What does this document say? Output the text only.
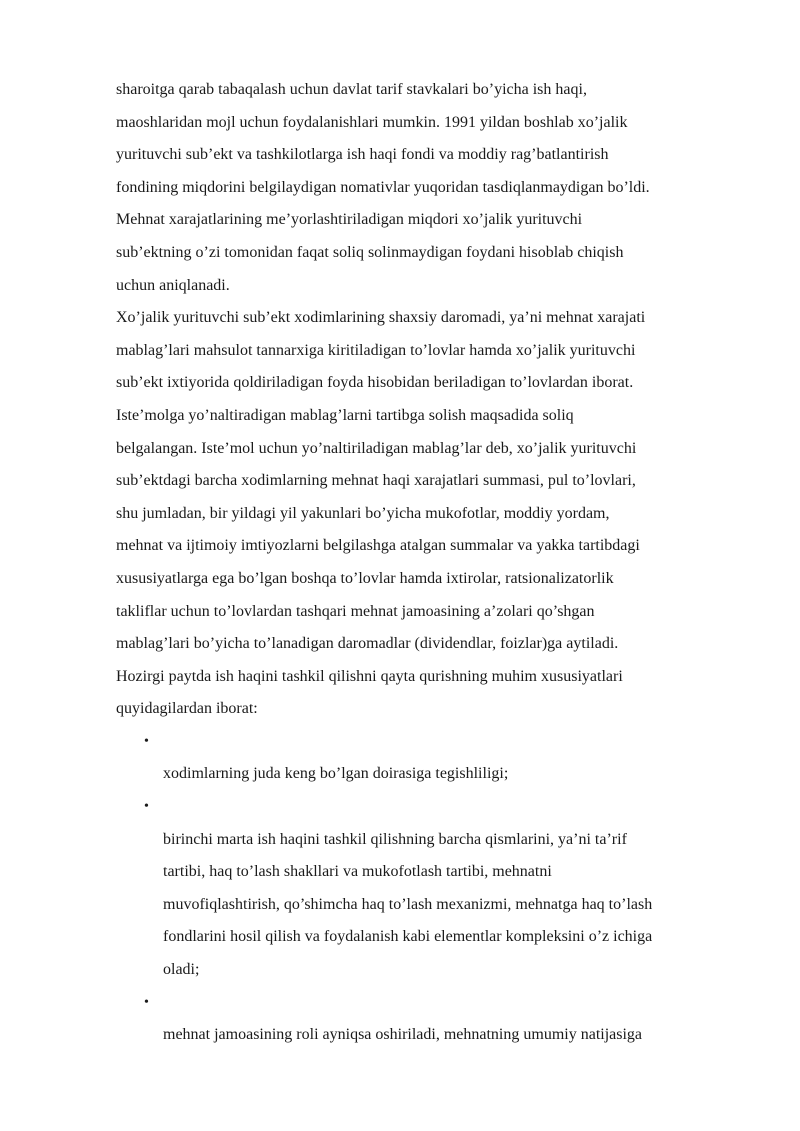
sharoitga qarab tabaqalash uchun davlat tarif stavkalari bo’yicha ish haqi,
maoshlaridan mojl uchun foydalanishlari mumkin. 1991 yildan boshlab xo’jalik
yurituvchi sub’ekt va tashkilotlarga ish haqi fondi va moddiy rag’batlantirish
fondining miqdorini belgilaydigan nomativlar yuqoridan tasdiqlanmaydigan bo’ldi.
Mehnat xarajatlarining me’yorlashtiriladigan miqdori xo’jalik yurituvchi
sub’ektning o’zi tomonidan faqat soliq solinmaydigan foydani hisoblab chiqish
uchun aniqlanadi.
Xo’jalik yurituvchi sub’ekt xodimlarining shaxsiy daromadi, ya’ni mehnat xarajati
mablag’lari mahsulot tannarxiga kiritiladigan to’lovlar hamda xo’jalik yurituvchi
sub’ekt ixtiyorida qoldiriladigan foyda hisobidan beriladigan to’lovlardan iborat.
Iste’molga yo’naltiradigan mablag’larni tartibga solish maqsadida soliq
belgalangan. Iste’mol uchun yo’naltiriladigan mablag’lar deb, xo’jalik yurituvchi
sub’ektdagi barcha xodimlarning mehnat haqi xarajatlari summasi, pul to’lovlari,
shu jumladan, bir yildagi yil yakunlari bo’yicha mukofotlar, moddiy yordam,
mehnat va ijtimoiy imtiyozlarni belgilashga atalgan summalar va yakka tartibdagi
xususiyatlarga ega bo’lgan boshqa to’lovlar hamda ixtirolar, ratsionalizatorlik
takliflar uchun to’lovlardan tashqari mehnat jamoasining a’zolari qo’shgan
mablag’lari bo’yicha to’lanadigan daromadlar (dividendlar, foizlar)ga aytiladi.
Hozirgi paytda ish haqini tashkil qilishni qayta qurishning muhim xususiyatlari
quyidagilardan iborat:
•
xodimlarning juda keng bo’lgan doirasiga tegishliligi;
•
birinchi marta ish haqini tashkil qilishning barcha qismlarini, ya’ni ta’rif
tartibi, haq to’lash shakllari va mukofotlash tartibi, mehnatni
muvofiqlashtirish, qo’shimcha haq to’lash mexanizmi, mehnatga haq to’lash
fondlarini hosil qilish va foydalanish kabi elementlar kompleksini o’z ichiga
oladi;
•
mehnat jamoasining roli ayniqsa oshiriladi, mehnatning umumiy natijasiga
